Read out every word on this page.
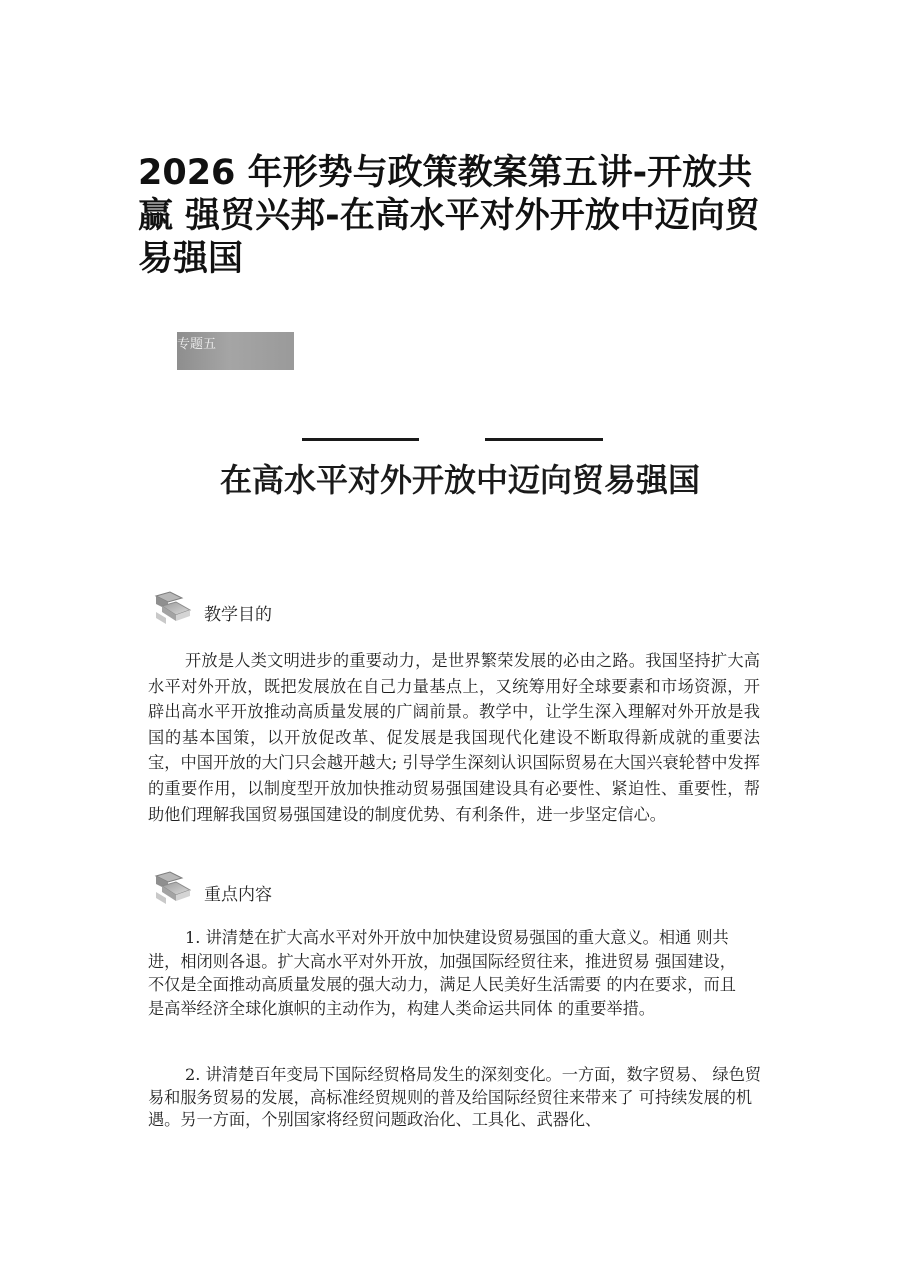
2026 年形势与政策教案第五讲-开放共赢 强贸兴邦-在高水平对外开放中迈向贸易强国
专题五
在高水平对外开放中迈向贸易强国
教学目的

开放是人类文明进步的重要动力，是世界繁荣发展的必由之路。我国坚持扩大高水平对外开放，既把发展放在自己力量基点上，又统筹用好全球要素和市场资源，开辟出高水平开放推动高质量发展的广阔前景。教学中，让学生深入理解对外开放是我国的基本国策，以开放促改革、促发展是我国现代化建设不断取得新成就的重要法宝，中国开放的大门只会越开越大; 引导学生深刻认识国际贸易在大国兴衰轮替中发挥的重要作用，以制度型开放加快推动贸易强国建设具有必要性、紧迫性、重要性，帮助他们理解我国贸易强国建设的制度优势、有利条件，进一步坚定信心。

重点内容

1. 讲清楚在扩大高水平对外开放中加快建设贸易强国的重大意义。相通 则共进，相闭则各退。扩大高水平对外开放，加强国际经贸往来，推进贸易 强国建设，不仅是全面推动高质量发展的强大动力，满足人民美好生活需要 的内在要求，而且是高举经济全球化旗帜的主动作为，构建人类命运共同体 的重要举措。

2. 讲清楚百年变局下国际经贸格局发生的深刻变化。一方面，数字贸易、 绿色贸易和服务贸易的发展，高标准经贸规则的普及给国际经贸往来带来了 可持续发展的机遇。另一方面，个别国家将经贸问题政治化、工具化、武器化、
